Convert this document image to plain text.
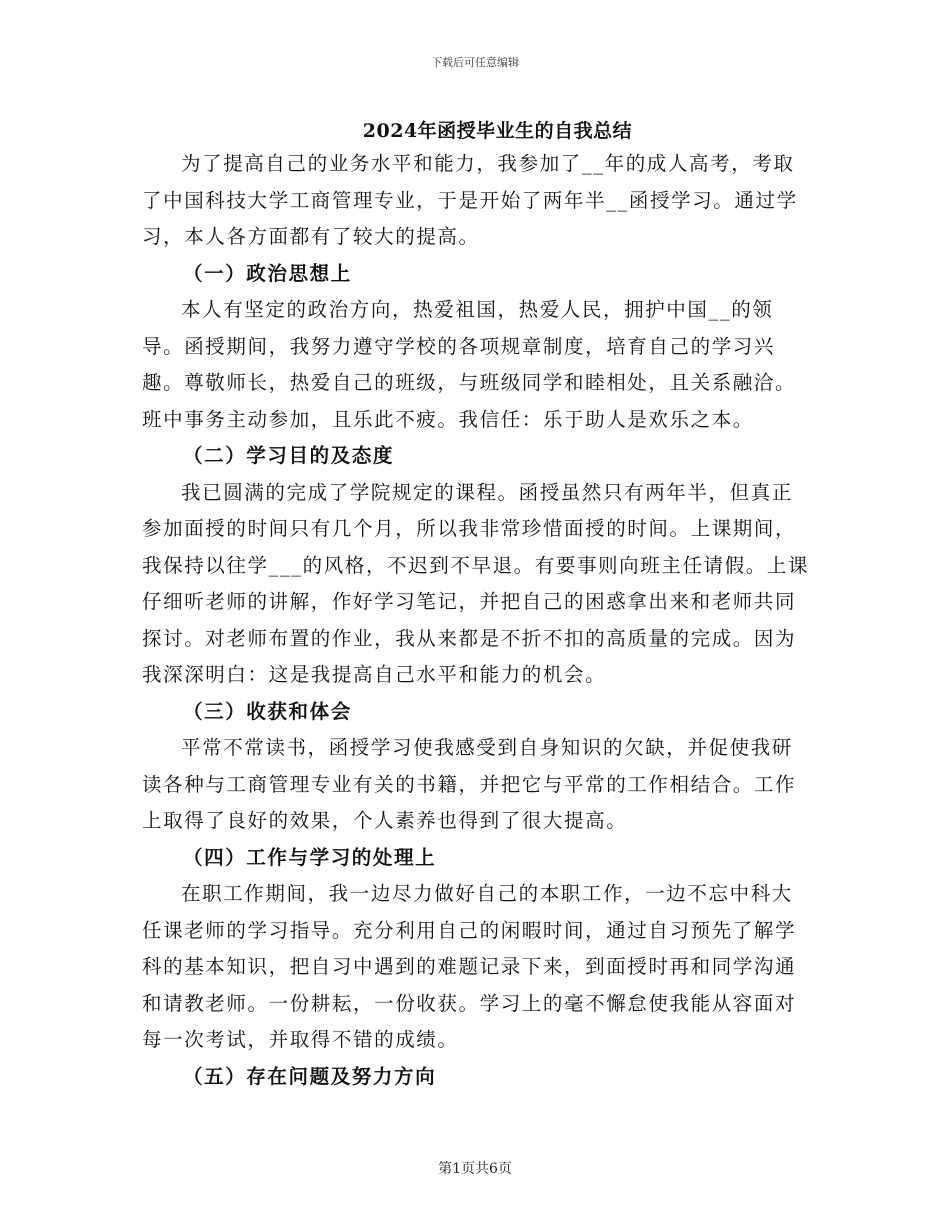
下载后可任意编辑
2024年函授毕业生的自我总结

为了提高自己的业务水平和能力，我参加了__年的成人高考，考取了中国科技大学工商管理专业，于是开始了两年半__函授学习。通过学习，本人各方面都有了较大的提高。

（一）政治思想上

本人有坚定的政治方向，热爱祖国，热爱人民，拥护中国__的领导。函授期间，我努力遵守学校的各项规章制度，培育自己的学习兴趣。尊敬师长，热爱自己的班级，与班级同学和睦相处，且关系融洽。班中事务主动参加，且乐此不疲。我信任：乐于助人是欢乐之本。

（二）学习目的及态度

我已圆满的完成了学院规定的课程。函授虽然只有两年半，但真正参加面授的时间只有几个月，所以我非常珍惜面授的时间。上课期间，我保持以往学___的风格，不迟到不早退。有要事则向班主任请假。上课仔细听老师的讲解，作好学习笔记，并把自己的困惑拿出来和老师共同探讨。对老师布置的作业，我从来都是不折不扣的高质量的完成。因为我深深明白：这是我提高自己水平和能力的机会。

（三）收获和体会

平常不常读书，函授学习使我感受到自身知识的欠缺，并促使我研读各种与工商管理专业有关的书籍，并把它与平常的工作相结合。工作上取得了良好的效果，个人素养也得到了很大提高。

（四）工作与学习的处理上

在职工作期间，我一边尽力做好自己的本职工作，一边不忘中科大任课老师的学习指导。充分利用自己的闲暇时间，通过自习预先了解学科的基本知识，把自习中遇到的难题记录下来，到面授时再和同学沟通和请教老师。一份耕耘，一份收获。学习上的毫不懈怠使我能从容面对每一次考试，并取得不错的成绩。

（五）存在问题及努力方向

第1页共6页
